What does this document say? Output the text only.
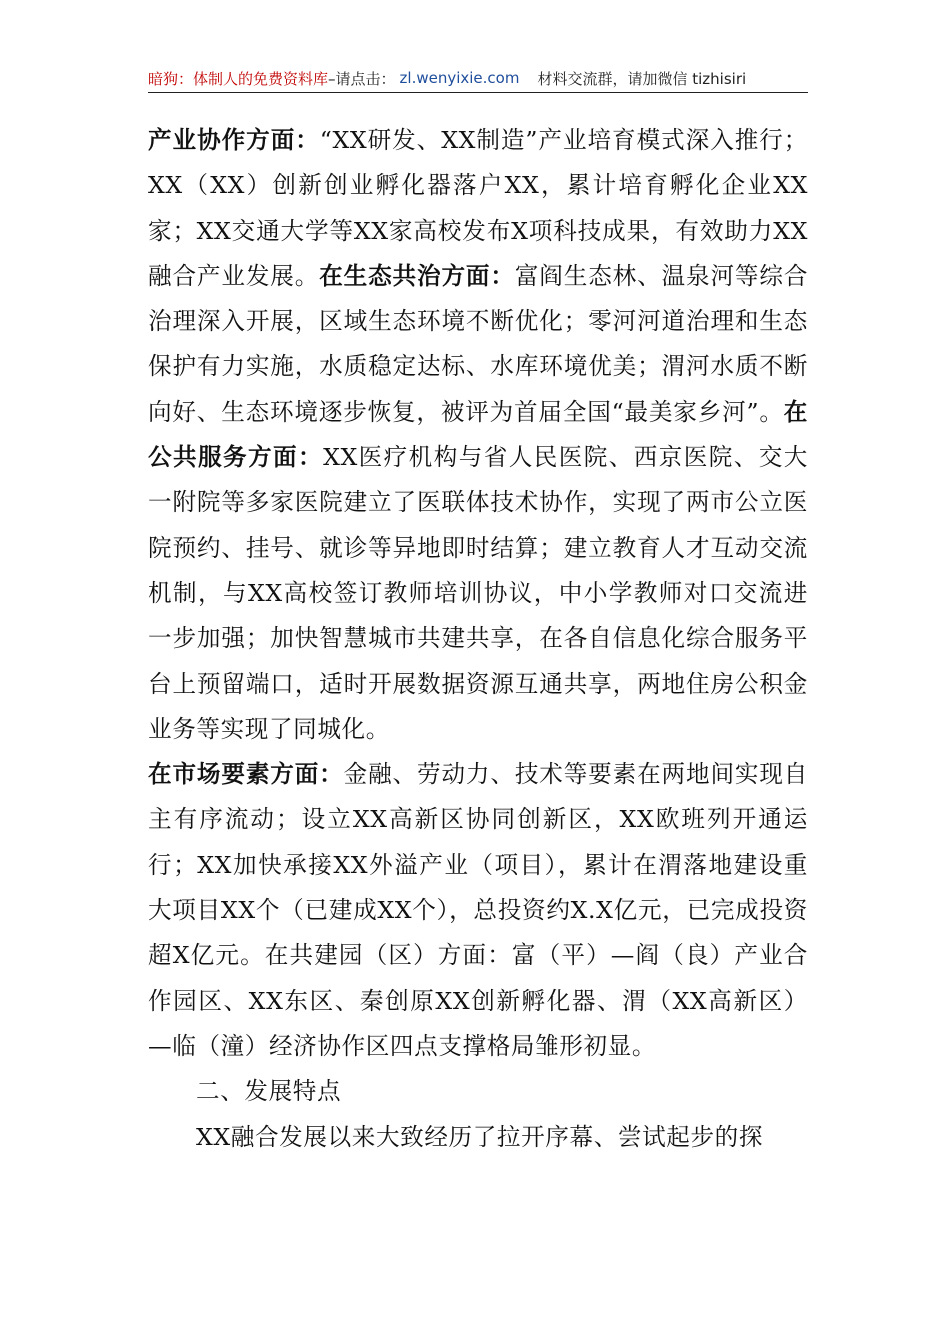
暗狗：体制人的免费资料库 –请点击： zl.wenyixie.com 材料交流群，请加微信 tizhisiri

产业协作方面：“XX研发、XX制造”产业培育模式深入推行；XX（XX）创新创业孵化器落户XX，累计培育孵化企业XX家；XX交通大学等XX家高校发布X项科技成果，有效助力XX融合产业发展。在生态共治方面：富阎生态林、温泉河等综合治理深入开展，区域生态环境不断优化；零河河道治理和生态保护有力实施，水质稳定达标、水库环境优美；渭河水质不断向好、生态环境逐步恢复，被评为首届全国“最美家乡河”。在公共服务方面：XX医疗机构与省人民医院、西京医院、交大一附院等多家医院建立了医联体技术协作，实现了两市公立医院预约、挂号、就诊等异地即时结算；建立教育人才互动交流机制，与XX高校签订教师培训协议，中小学教师对口交流进一步加强；加快智慧城市共建共享，在各自信息化综合服务平台上预留端口，适时开展数据资源互通共享，两地住房公积金业务等实现了同城化。

在市场要素方面：金融、劳动力、技术等要素在两地间实现自主有序流动；设立XX高新区协同创新区，XX欧班列开通运行；XX加快承接XX外溢产业（项目），累计在渭落地建设重大项目XX个（已建成XX个），总投资约X.X亿元，已完成投资超X亿元。在共建园（区）方面：富（平）—阎（良）产业合作园区、XX东区、秦创原XX创新孵化器、渭（XX高新区）—临（潼）经济协作区四点支撑格局雏形初显。

二、发展特点

XX融合发展以来大致经历了拉开序幕、尝试起步的探
